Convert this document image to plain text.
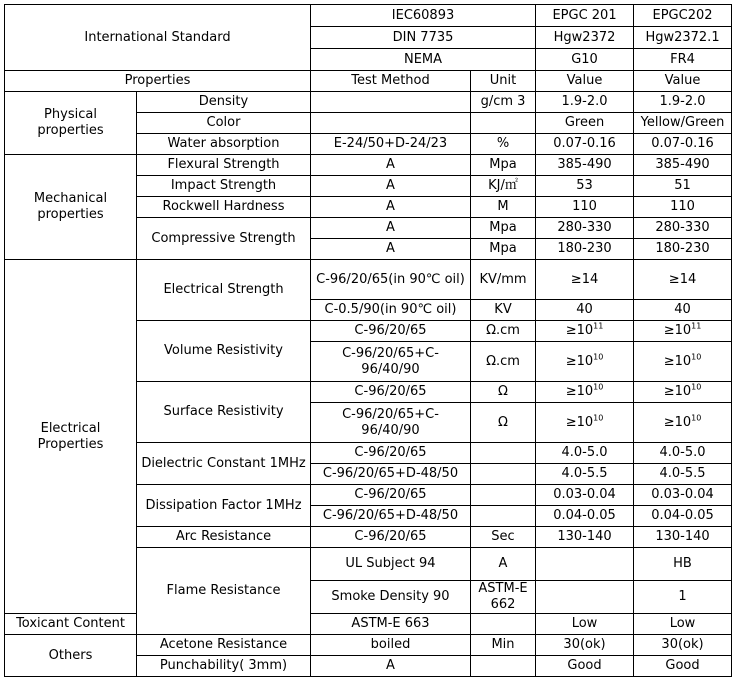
International Standard		IEC60893		EPGC 201	EPGC202	
		DIN 7735		Hgw2372	Hgw2372.1	
		NEMA		G10	FR4	
Properties		Test Method	Unit	Value	Value	
Physical properties	Density		g/cm 3	1.9-2.0	1.9-2.0	
	Color			Green	Yellow/Green	
	Water absorption	E-24/50+D-24/23	%	0.07-0.16	0.07-0.16	
Mechanical properties	Flexural Strength	A	Mpa	385-490	385-490	
	Impact Strength	A	KJ/㎡	53	51	
	Rockwell Hardness	A	M	110	110	
	Compressive Strength	A	Mpa	280-330	280-330	
		A	Mpa	180-230	180-230	
Electrical Properties	Electrical Strength	C-96/20/65(in 90℃ oil)	KV/mm	≥14	≥14	
		C-0.5/90(in 90℃ oil)	KV	40	40	
	Volume Resistivity	C-96/20/65	Ω.cm	$\ge 10^{11}$	$\ge 10^{11}$
		C-96/20/65+C-96/40/90	Ω.cm	$\ge 10^{10}$	$\ge 10^{10}$
	Surface Resistivity	C-96/20/65	Ω	$\ge 10^{10}$	$\ge 10^{10}$
		C-96/20/65+C-96/40/90	Ω	$\ge 10^{10}$	$\ge 10^{10}$
	Dielectric Constant 1MHz	C-96/20/65		4.0-5.0	4.0-5.0	
		C-96/20/65+D-48/50		4.0-5.5	4.0-5.5	
	Dissipation Factor 1MHz	C-96/20/65		0.03-0.04	0.03-0.04	
		C-96/20/65+D-48/50		0.04-0.05	0.04-0.05	
	Arc Resistance	C-96/20/65	Sec	130-140	130-140	
	Flame Resistance	UL Subject 94	A		HB	
		Smoke Density 90	ASTM-E 662		1	
Toxicant Content		ASTM-E 663		Low	Low	
Others	Acetone Resistance	boiled	Min	30(ok)	30(ok)	
	Punchability( 3mm)	A		Good	Good	
